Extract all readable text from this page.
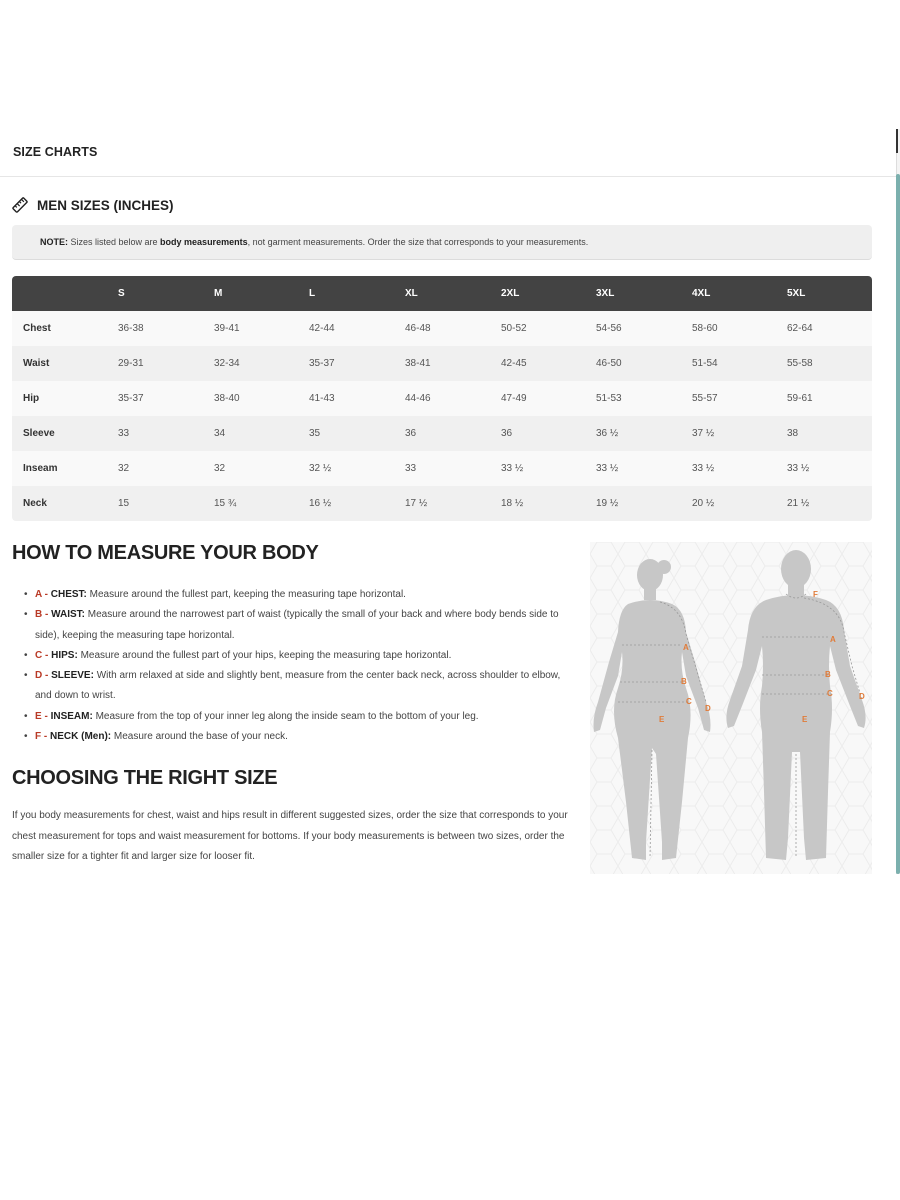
SIZE CHARTS
MEN SIZES (INCHES)
NOTE: Sizes listed below are body measurements, not garment measurements. Order the size that corresponds to your measurements.
	S	M	L	XL	2XL	3XL	4XL	5XL
Chest	36-38	39-41	42-44	46-48	50-52	54-56	58-60	62-64
Waist	29-31	32-34	35-37	38-41	42-45	46-50	51-54	55-58
Hip	35-37	38-40	41-43	44-46	47-49	51-53	55-57	59-61
Sleeve	33	34	35	36	36	36 ½	37 ½	38
Inseam	32	32	32 ½	33	33 ½	33 ½	33 ½	33 ½
Neck	15	15 ¾	16 ½	17 ½	18 ½	19 ½	20 ½	21 ½
HOW TO MEASURE YOUR BODY
• A - CHEST: Measure around the fullest part, keeping the measuring tape horizontal.
• B - WAIST: Measure around the narrowest part of waist (typically the small of your back and where body bends side to side), keeping the measuring tape horizontal.
• C - HIPS: Measure around the fullest part of your hips, keeping the measuring tape horizontal.
• D - SLEEVE: With arm relaxed at side and slightly bent, measure from the center back neck, across shoulder to elbow, and down to wrist.
• E - INSEAM: Measure from the top of your inner leg along the inside seam to the bottom of your leg.
• F - NECK (Men): Measure around the base of your neck.
CHOOSING THE RIGHT SIZE

If you body measurements for chest, waist and hips result in different suggested sizes, order the size that corresponds to your chest measurement for tops and waist measurement for bottoms. If your body measurements is between two sizes, order the smaller size for a tighter fit and larger size for looser fit.

A
B
C
D
E
F
A
B
C	D
E
